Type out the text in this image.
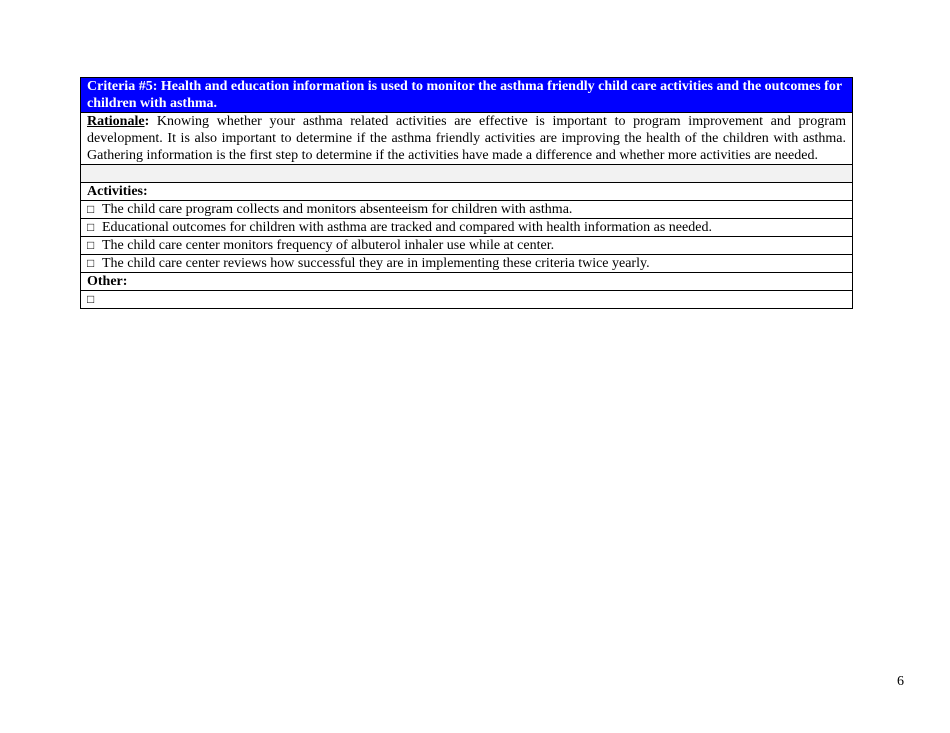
Criteria #5: Health and education information is used to monitor the asthma friendly child care activities and the outcomes for children with asthma.
Rationale: Knowing whether your asthma related activities are effective is important to program improvement and program development. It is also important to determine if the asthma friendly activities are improving the health of the children with asthma. Gathering information is the first step to determine if the activities have made a difference and whether more activities are needed.

Activities:
□ The child care program collects and monitors absenteeism for children with asthma.
□ Educational outcomes for children with asthma are tracked and compared with health information as needed.
□ The child care center monitors frequency of albuterol inhaler use while at center.
□ The child care center reviews how successful they are in implementing these criteria twice yearly.
Other:
□
6
